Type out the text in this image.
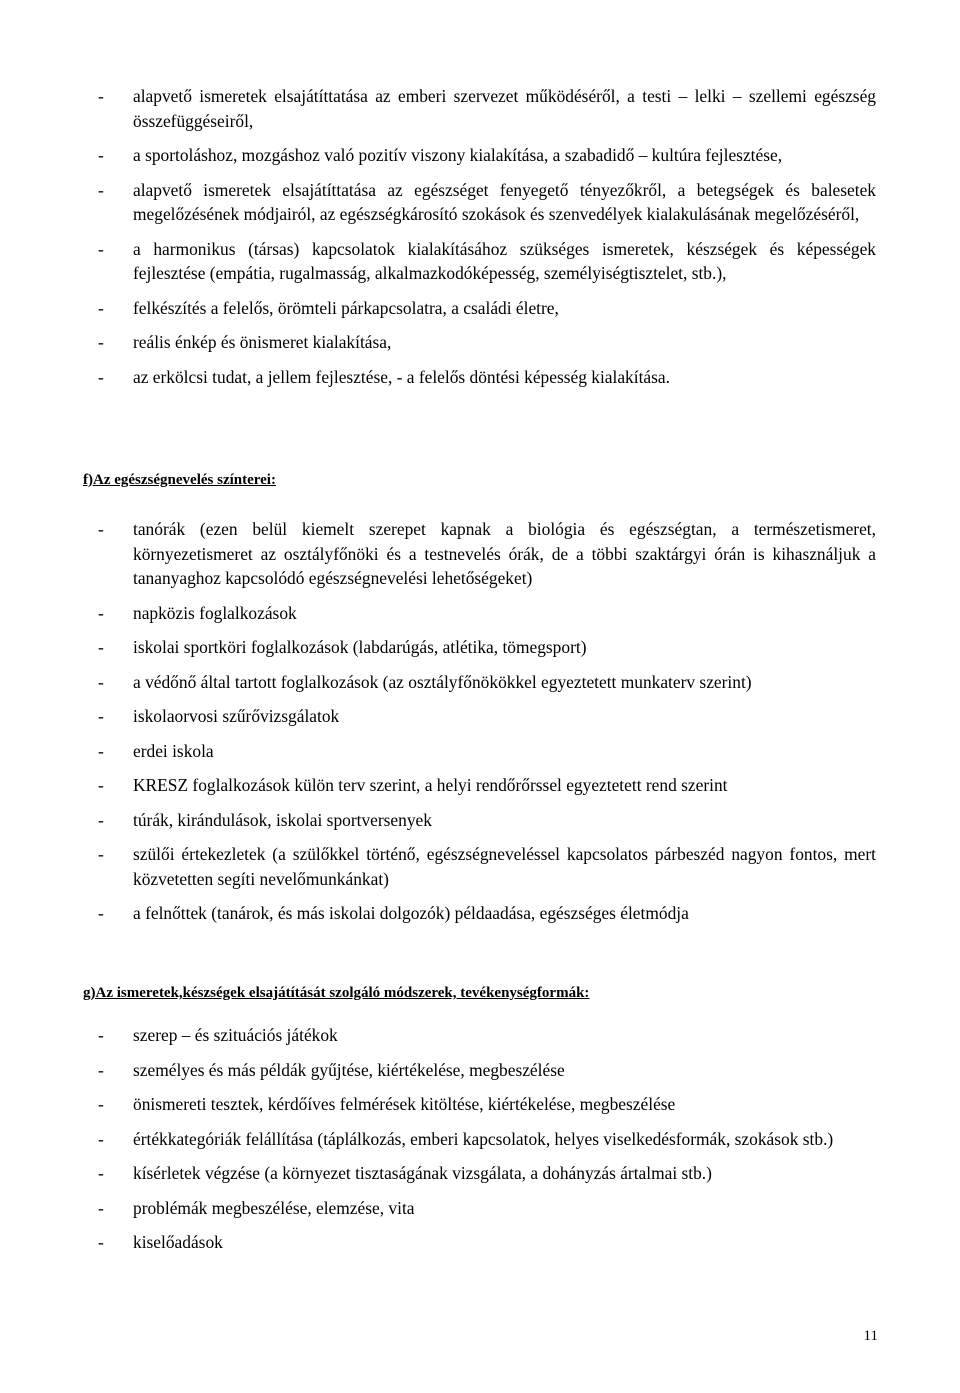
- alapvető ismeretek elsajátíttatása az emberi szervezet működéséről, a testi – lelki – szellemi egészség összefüggéseiről,
- a sportoláshoz, mozgáshoz való pozitív viszony kialakítása, a szabadidő – kultúra fejlesztése,
- alapvető ismeretek elsajátíttatása az egészséget fenyegető tényezőkről, a betegségek és balesetek megelőzésének módjairól, az egészségkárosító szokások és szenvedélyek kialakulásának megelőzéséről,
- a harmonikus (társas) kapcsolatok kialakításához szükséges ismeretek, készségek és képességek fejlesztése (empátia, rugalmasság, alkalmazkodóképesség, személyiségtisztelet, stb.),
- felkészítés a felelős, örömteli párkapcsolatra, a családi életre,
- reális énkép és önismeret kialakítása,
- az erkölcsi tudat, a jellem fejlesztése, - a felelős döntési képesség kialakítása.
f)Az egészségnevelés színterei:
- tanórák (ezen belül kiemelt szerepet kapnak a biológia és egészségtan, a természetismeret, környezetismeret az osztályfőnöki és a testnevelés órák, de a többi szaktárgyi órán is kihasználjuk a tananyaghoz kapcsolódó egészségnevelési lehetőségeket)
- napközis foglalkozások
- iskolai sportköri foglalkozások (labdarúgás, atlétika, tömegsport)
- a védőnő által tartott foglalkozások (az osztályfőnökökkel egyeztetett munkaterv szerint)
- iskolaorvosi szűrővizsgálatok
- erdei iskola
- KRESZ foglalkozások külön terv szerint, a helyi rendőrőrssel egyeztetett rend szerint
- túrák, kirándulások, iskolai sportversenyek
- szülői értekezletek (a szülőkkel történő, egészségneveléssel kapcsolatos párbeszéd nagyon fontos, mert közvetetten segíti nevelőmunkánkat)
- a felnőttek (tanárok, és más iskolai dolgozók) példaadása, egészséges életmódja
g)Az ismeretek,készségek elsajátítását szolgáló módszerek, tevékenységformák:
- szerep – és szituációs játékok
- személyes és más példák gyűjtése, kiértékelése, megbeszélése
- önismereti tesztek, kérdőíves felmérések kitöltése, kiértékelése, megbeszélése
- értékkategóriák felállítása (táplálkozás, emberi kapcsolatok, helyes viselkedésformák, szokások stb.)
- kísérletek végzése (a környezet tisztaságának vizsgálata, a dohányzás ártalmai stb.)
- problémák megbeszélése, elemzése, vita
- kiselőadások
11
